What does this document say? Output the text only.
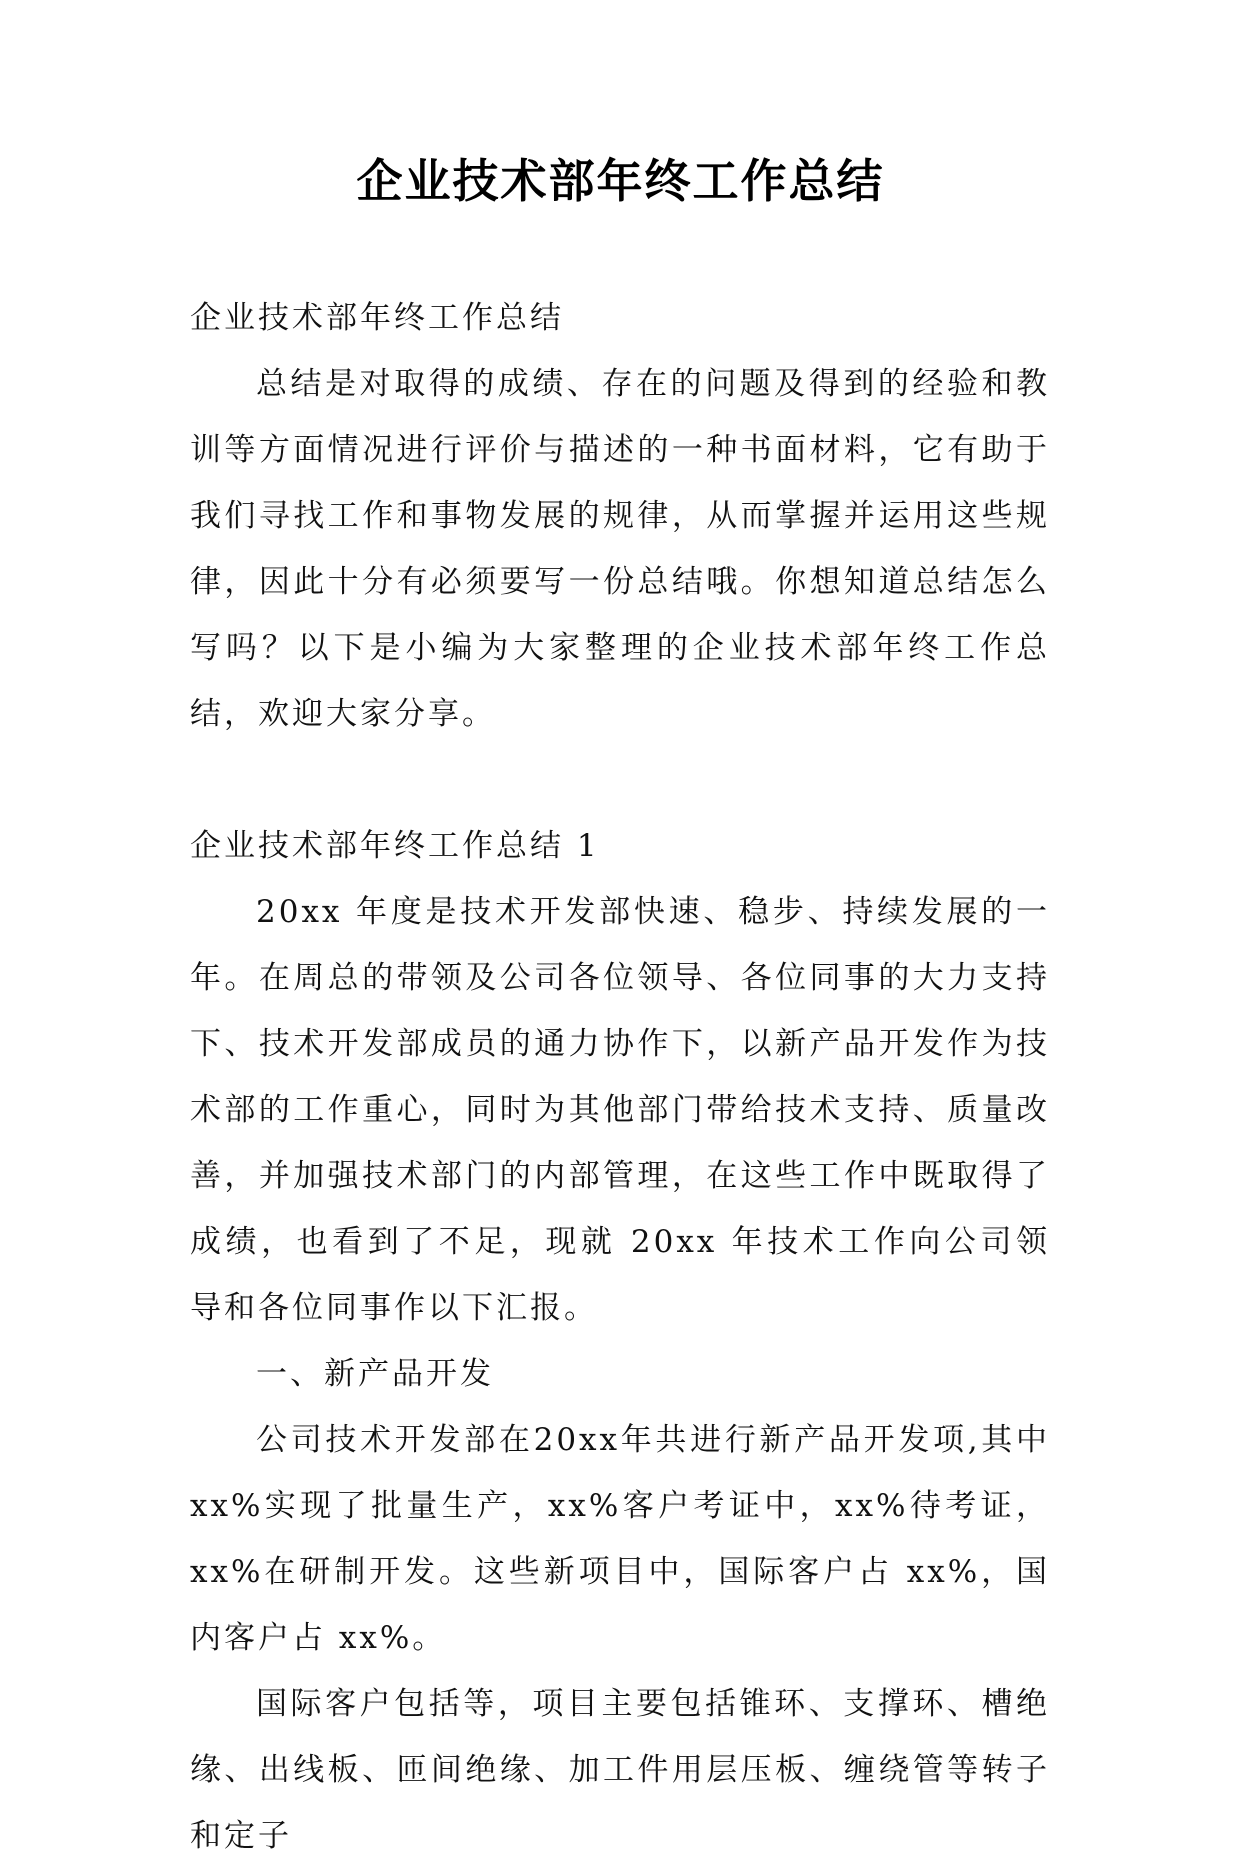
企业技术部年终工作总结

企业技术部年终工作总结

总结是对取得的成绩、存在的问题及得到的经验和教训等方面情况进行评价与描述的一种书面材料，它有助于我们寻找工作和事物发展的规律，从而掌握并运用这些规律，因此十分有必须要写一份总结哦。你想知道总结怎么写吗？以下是小编为大家整理的企业技术部年终工作总结，欢迎大家分享。

企业技术部年终工作总结 1

20xx 年度是技术开发部快速、稳步、持续发展的一年。在周总的带领及公司各位领导、各位同事的大力支持下、技术开发部成员的通力协作下，以新产品开发作为技术部的工作重心，同时为其他部门带给技术支持、质量改善，并加强技术部门的内部管理，在这些工作中既取得了成绩，也看到了不足，现就 20xx 年技术工作向公司领导和各位同事作以下汇报。

一、新产品开发

公司技术开发部在20xx年共进行新产品开发项,其中xx%实现了批量生产，xx%客户考证中，xx%待考证，xx%在研制开发。这些新项目中，国际客户占 xx%，国内客户占 xx%。

国际客户包括等，项目主要包括锥环、支撑环、槽绝缘、出线板、匝间绝缘、加工件用层压板、缠绕管等转子和定子
